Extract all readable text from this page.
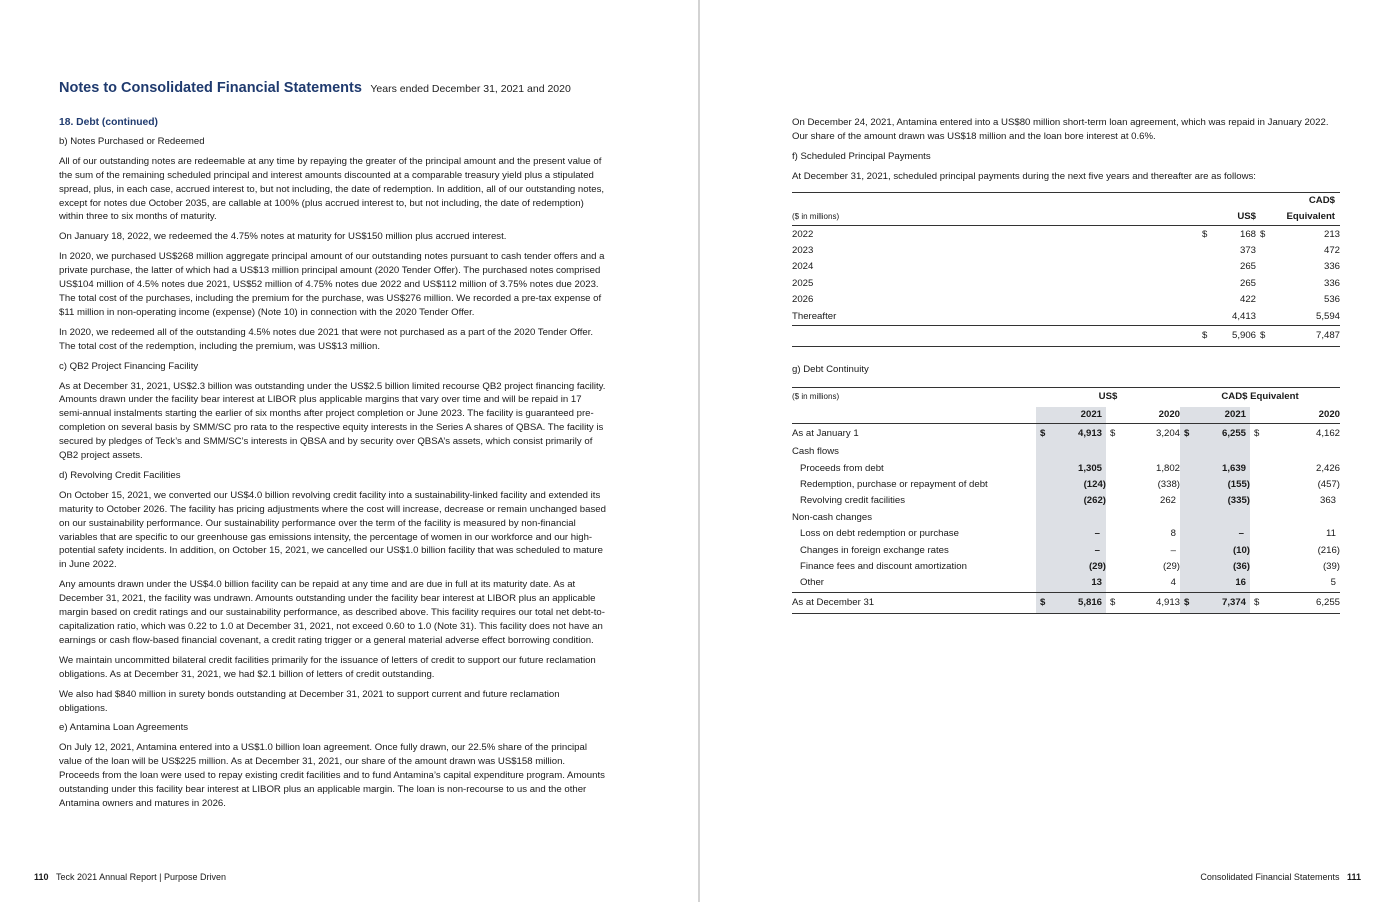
Notes to Consolidated Financial Statements Years ended December 31, 2021 and 2020
18. Debt (continued)
b) Notes Purchased or Redeemed

All of our outstanding notes are redeemable at any time by repaying the greater of the principal amount and the present value of the sum of the remaining scheduled principal and interest amounts discounted at a comparable treasury yield plus a stipulated spread, plus, in each case, accrued interest to, but not including, the date of redemption. In addition, all of our outstanding notes, except for notes due October 2035, are callable at 100% (plus accrued interest to, but not including, the date of redemption) within three to six months of maturity.

On January 18, 2022, we redeemed the 4.75% notes at maturity for US$150 million plus accrued interest.

In 2020, we purchased US$268 million aggregate principal amount of our outstanding notes pursuant to cash tender offers and a private purchase, the latter of which had a US$13 million principal amount (2020 Tender Offer). The purchased notes comprised US$104 million of 4.5% notes due 2021, US$52 million of 4.75% notes due 2022 and US$112 million of 3.75% notes due 2023. The total cost of the purchases, including the premium for the purchase, was US$276 million. We recorded a pre-tax expense of $11 million in non-operating income (expense) (Note 10) in connection with the 2020 Tender Offer.

In 2020, we redeemed all of the outstanding 4.5% notes due 2021 that were not purchased as a part of the 2020 Tender Offer. The total cost of the redemption, including the premium, was US$13 million.

c) QB2 Project Financing Facility

As at December 31, 2021, US$2.3 billion was outstanding under the US$2.5 billion limited recourse QB2 project financing facility. Amounts drawn under the facility bear interest at LIBOR plus applicable margins that vary over time and will be repaid in 17 semi-annual instalments starting the earlier of six months after project completion or June 2023. The facility is guaranteed pre-completion on several basis by SMM/SC pro rata to the respective equity interests in the Series A shares of QBSA. The facility is secured by pledges of Teck’s and SMM/SC’s interests in QBSA and by security over QBSA’s assets, which consist primarily of QB2 project assets.

d) Revolving Credit Facilities

On October 15, 2021, we converted our US$4.0 billion revolving credit facility into a sustainability-linked facility and extended its maturity to October 2026. The facility has pricing adjustments where the cost will increase, decrease or remain unchanged based on our sustainability performance. Our sustainability performance over the term of the facility is measured by non-financial variables that are specific to our greenhouse gas emissions intensity, the percentage of women in our workforce and our high-potential safety incidents. In addition, on October 15, 2021, we cancelled our US$1.0 billion facility that was scheduled to mature in June 2022.

Any amounts drawn under the US$4.0 billion facility can be repaid at any time and are due in full at its maturity date. As at December 31, 2021, the facility was undrawn. Amounts outstanding under the facility bear interest at LIBOR plus an applicable margin based on credit ratings and our sustainability performance, as described above. This facility requires our total net debt-to-capitalization ratio, which was 0.22 to 1.0 at December 31, 2021, not exceed 0.60 to 1.0 (Note 31). This facility does not have an earnings or cash flow-based financial covenant, a credit rating trigger or a general material adverse effect borrowing condition.

We maintain uncommitted bilateral credit facilities primarily for the issuance of letters of credit to support our future reclamation obligations. As at December 31, 2021, we had $2.1 billion of letters of credit outstanding.

We also had $840 million in surety bonds outstanding at December 31, 2021 to support current and future reclamation obligations.

e) Antamina Loan Agreements

On July 12, 2021, Antamina entered into a US$1.0 billion loan agreement. Once fully drawn, our 22.5% share of the principal value of the loan will be US$225 million. As at December 31, 2021, our share of the amount drawn was US$158 million. Proceeds from the loan were used to repay existing credit facilities and to fund Antamina’s capital expenditure program. Amounts outstanding under this facility bear interest at LIBOR plus an applicable margin. The loan is non-recourse to us and the other Antamina owners and matures in 2026.

110 Teck 2021 Annual Report | Purpose Driven

On December 24, 2021, Antamina entered into a US$80 million short-term loan agreement, which was repaid in January 2022. Our share of the amount drawn was US$18 million and the loan bore interest at 0.6%.

f) Scheduled Principal Payments

At December 31, 2021, scheduled principal payments during the next five years and thereafter are as follows:

				CAD$
($ in millions)		US$		Equivalent
2022	$	168	$	213
2023		373		472
2024		265		336
2025		265		336
2026		422		536
Thereafter		4,413		5,594
	$	5,906	$	7,487
g) Debt Continuity
($ in millions)	US$				CAD$ Equivalent			
		2021		2020		2021		2020
As at January 1	$	4,913	$	3,204	$	6,255	$	4,162
Cash flows								
Proceeds from debt		1,305		1,802		1,639		2,426
Redemption, purchase or repayment of debt		(124)		(338)		(155)		(457)
Revolving credit facilities		(262)		262		(335)		363
Non-cash changes								
Loss on debt redemption or purchase		–		8		–		11
Changes in foreign exchange rates		–		–		(10)		(216)
Finance fees and discount amortization		(29)		(29)		(36)		(39)
Other		13		4		16		5
As at December 31	$	5,816	$	4,913	$	7,374	$	6,255
Consolidated Financial Statements 111
